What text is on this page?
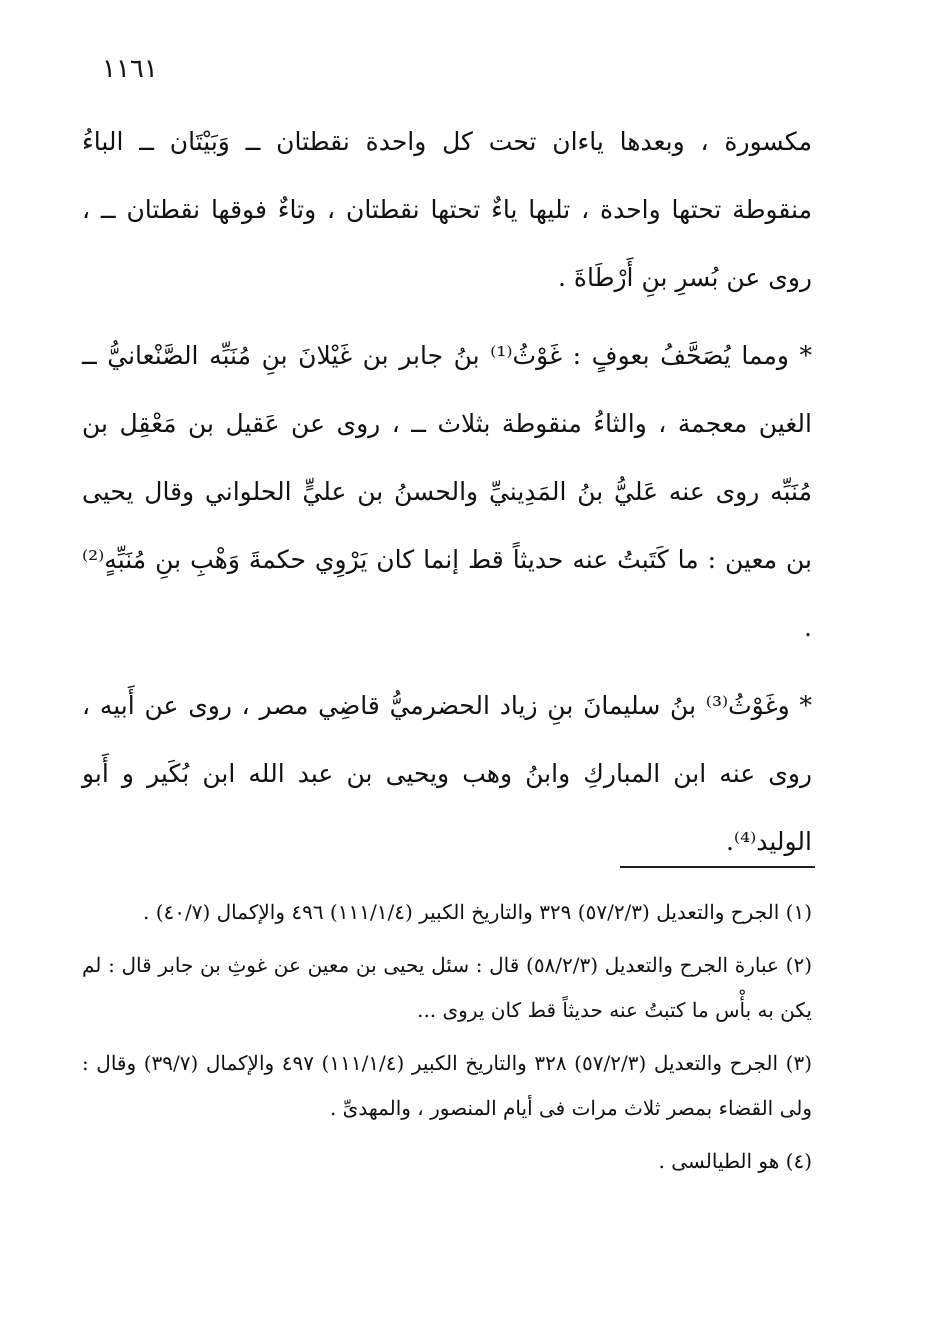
١١٦١

مكسورة ، وبعدها ياءان تحت كل واحدة نقطتان ــ وَبَيْتَان ــ الباءُ منقوطة تحتها واحدة ، تليها ياءٌ تحتها نقطتان ، وتاءٌ فوقها نقطتان ــ ، روى عن بُسرِ بنِ أَرْطَاةَ .

* ومما يُصَحَّفُ بعوفٍ : غَوْثُ⁽¹⁾ بنُ جابر بن غَيْلانَ بنِ مُنَبِّه الصَّنْعانيُّ ــ الغين معجمة ، والثاءُ منقوطة بثلاث ــ ، روى عن عَقيل بن مَعْقِل بن مُنَبِّه روى عنه عَليُّ بنُ المَدِينيِّ والحسنُ بن عليٍّ الحلواني وقال يحيى بن معين : ما كَتَبتُ عنه حديثاً قط إنما كان يَرْوِي حكمةَ وَهْبِ بنِ مُنَبِّهٍ⁽²⁾ .

* وغَوْثُ⁽³⁾ بنُ سليمانَ بنِ زياد الحضرميُّ قاضِي مصر ، روى عن أَبيه ، روى عنه ابن المباركِ وابنُ وهب ويحيى بن عبد الله ابن بُكَير و أَبو الوليد⁽⁴⁾.

(١) الجرح والتعديل (٥٧/٢/٣) ٣٢٩ والتاريخ الكبير (١١١/١/٤) ٤٩٦ والإكمال (٤٠/٧) .

(٢) عبارة الجرح والتعديل (٥٨/٢/٣) قال : سئل يحيى بن معين عن غوثِ بن جابر قال : لم يكن به بأْس ما كتبتُ عنه حديثاً قط كان يروى ...

(٣) الجرح والتعديل (٥٧/٢/٣) ٣٢٨ والتاريخ الكبير (١١١/١/٤) ٤٩٧ والإكمال (٣٩/٧) وقال : ولى القضاء بمصر ثلاث مرات فى أيام المنصور ، والمهدىِّ .

(٤) هو الطيالسى .
